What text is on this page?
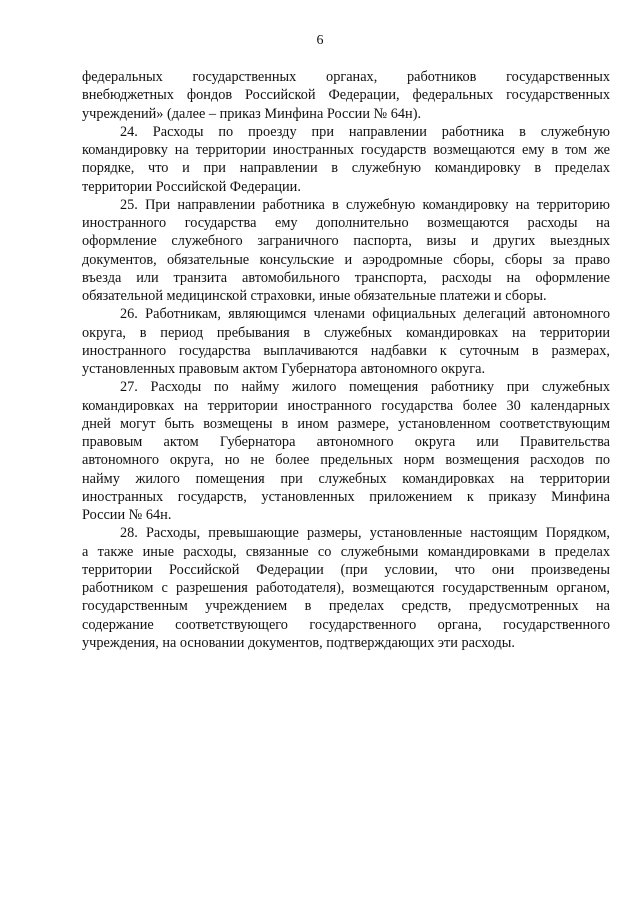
6
федеральных государственных органах, работников государственных
внебюджетных фондов Российской Федерации, федеральных государственных
учреждений» (далее – приказ Минфина России № 64н).
24. Расходы по проезду при направлении работника в служебную
командировку на территории иностранных государств возмещаются ему в том же
порядке, что и при направлении в служебную командировку в пределах
территории Российской Федерации.
25. При направлении работника в служебную командировку на территорию
иностранного государства ему дополнительно возмещаются расходы на
оформление служебного заграничного паспорта, визы и других выездных
документов, обязательные консульские и аэродромные сборы, сборы за право
въезда или транзита автомобильного транспорта, расходы на оформление
обязательной медицинской страховки, иные обязательные платежи и сборы.
26. Работникам, являющимся членами официальных делегаций автономного
округа, в период пребывания в служебных командировках на территории
иностранного государства выплачиваются надбавки к суточным в размерах,
установленных правовым актом Губернатора автономного округа.
27. Расходы по найму жилого помещения работнику при служебных
командировках на территории иностранного государства более 30 календарных
дней могут быть возмещены в ином размере, установленном соответствующим
правовым актом Губернатора автономного округа или Правительства
автономного округа, но не более предельных норм возмещения расходов по
найму жилого помещения при служебных командировках на территории
иностранных государств, установленных приложением к приказу Минфина
России № 64н.
28. Расходы, превышающие размеры, установленные настоящим Порядком,
а также иные расходы, связанные со служебными командировками в пределах
территории Российской Федерации (при условии, что они произведены
работником с разрешения работодателя), возмещаются государственным органом,
государственным учреждением в пределах средств, предусмотренных на
содержание соответствующего государственного органа, государственного
учреждения, на основании документов, подтверждающих эти расходы.
